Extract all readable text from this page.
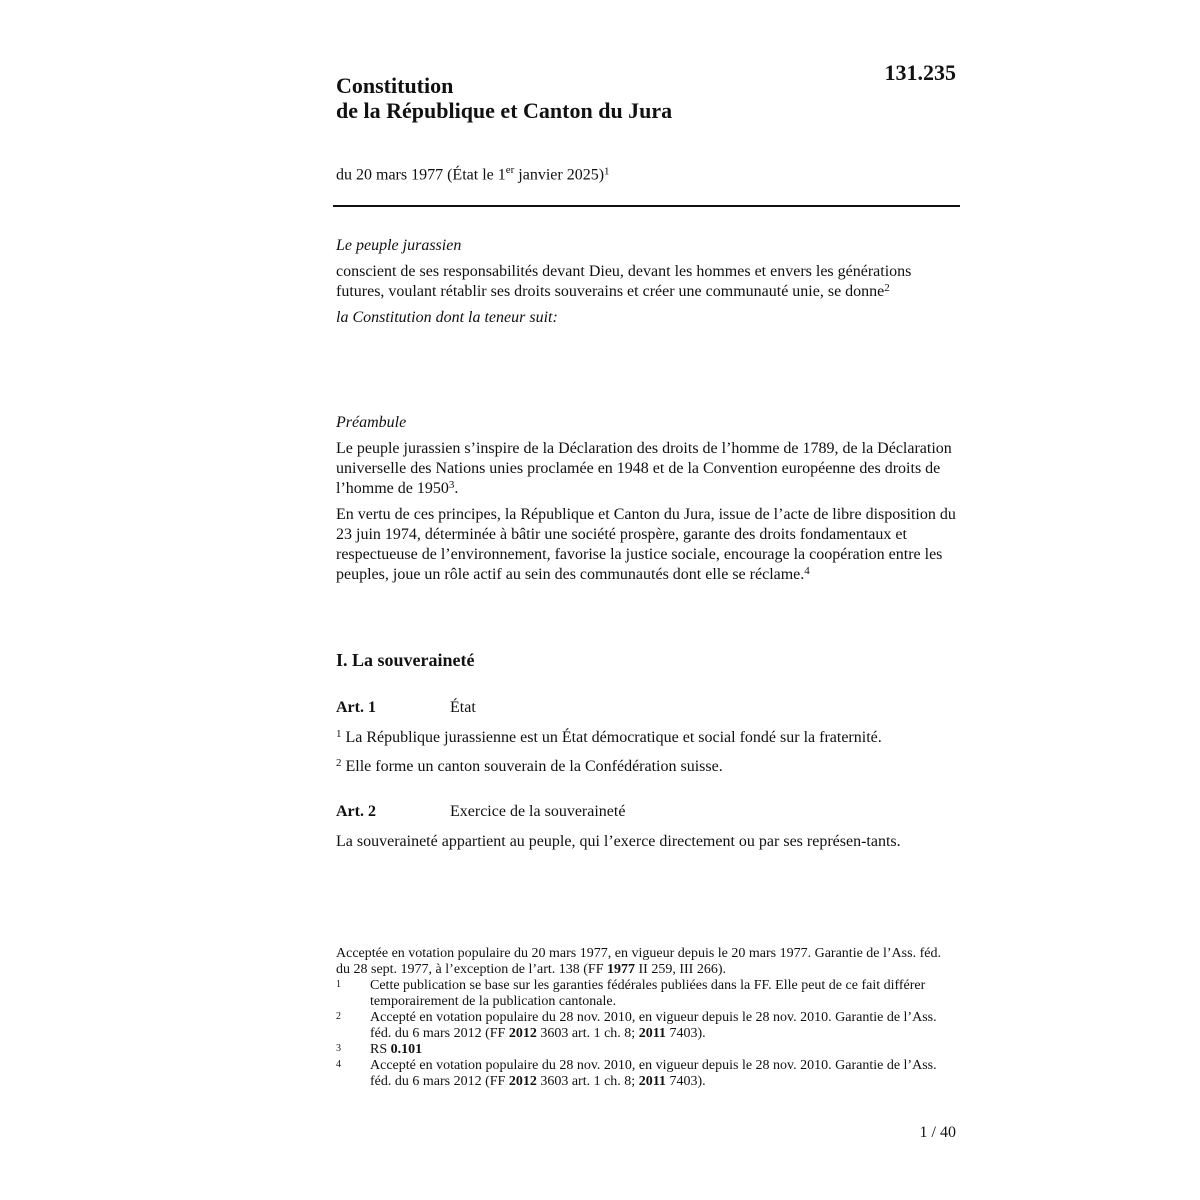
131.235
Constitution
de la République et Canton du Jura
du 20 mars 1977 (État le 1er janvier 2025)$^1$

Le peuple jurassien

conscient de ses responsabilités devant Dieu, devant les hommes et envers les générations futures, voulant rétablir ses droits souverains et créer une communauté unie, se donne$^2$

la Constitution dont la teneur suit:

Préambule

Le peuple jurassien s’inspire de la Déclaration des droits de l’homme de 1789, de la Déclaration universelle des Nations unies proclamée en 1948 et de la Convention européenne des droits de l’homme de 1950$^3$.

En vertu de ces principes, la République et Canton du Jura, issue de l’acte de libre disposition du 23 juin 1974, déterminée à bâtir une société prospère, garante des droits fondamentaux et respectueuse de l’environnement, favorise la justice sociale, encourage la coopération entre les peuples, joue un rôle actif au sein des communautés dont elle se réclame.$^4$

I. La souveraineté
Art. 1	État

$^1$ La République jurassienne est un État démocratique et social fondé sur la fraternité.

$^2$ Elle forme un canton souverain de la Confédération suisse.

Art. 2	Exercice de la souveraineté

La souveraineté appartient au peuple, qui l’exerce directement ou par ses représen-tants.

Acceptée en votation populaire du 20 mars 1977, en vigueur depuis le 20 mars 1977. Garantie de l’Ass. féd. du 28 sept. 1977, à l’exception de l’art. 138 (FF 1977 II 259, III 266).

1	Cette publication se base sur les garanties fédérales publiées dans la FF. Elle peut de ce fait différer temporairement de la publication cantonale.
2	Accepté en votation populaire du 28 nov. 2010, en vigueur depuis le 28 nov. 2010. Garantie de l’Ass. féd. du 6 mars 2012 (FF 2012 3603 art. 1 ch. 8; 2011 7403).
3	RS 0.101
4	Accepté en votation populaire du 28 nov. 2010, en vigueur depuis le 28 nov. 2010. Garantie de l’Ass. féd. du 6 mars 2012 (FF 2012 3603 art. 1 ch. 8; 2011 7403).
1 / 40
